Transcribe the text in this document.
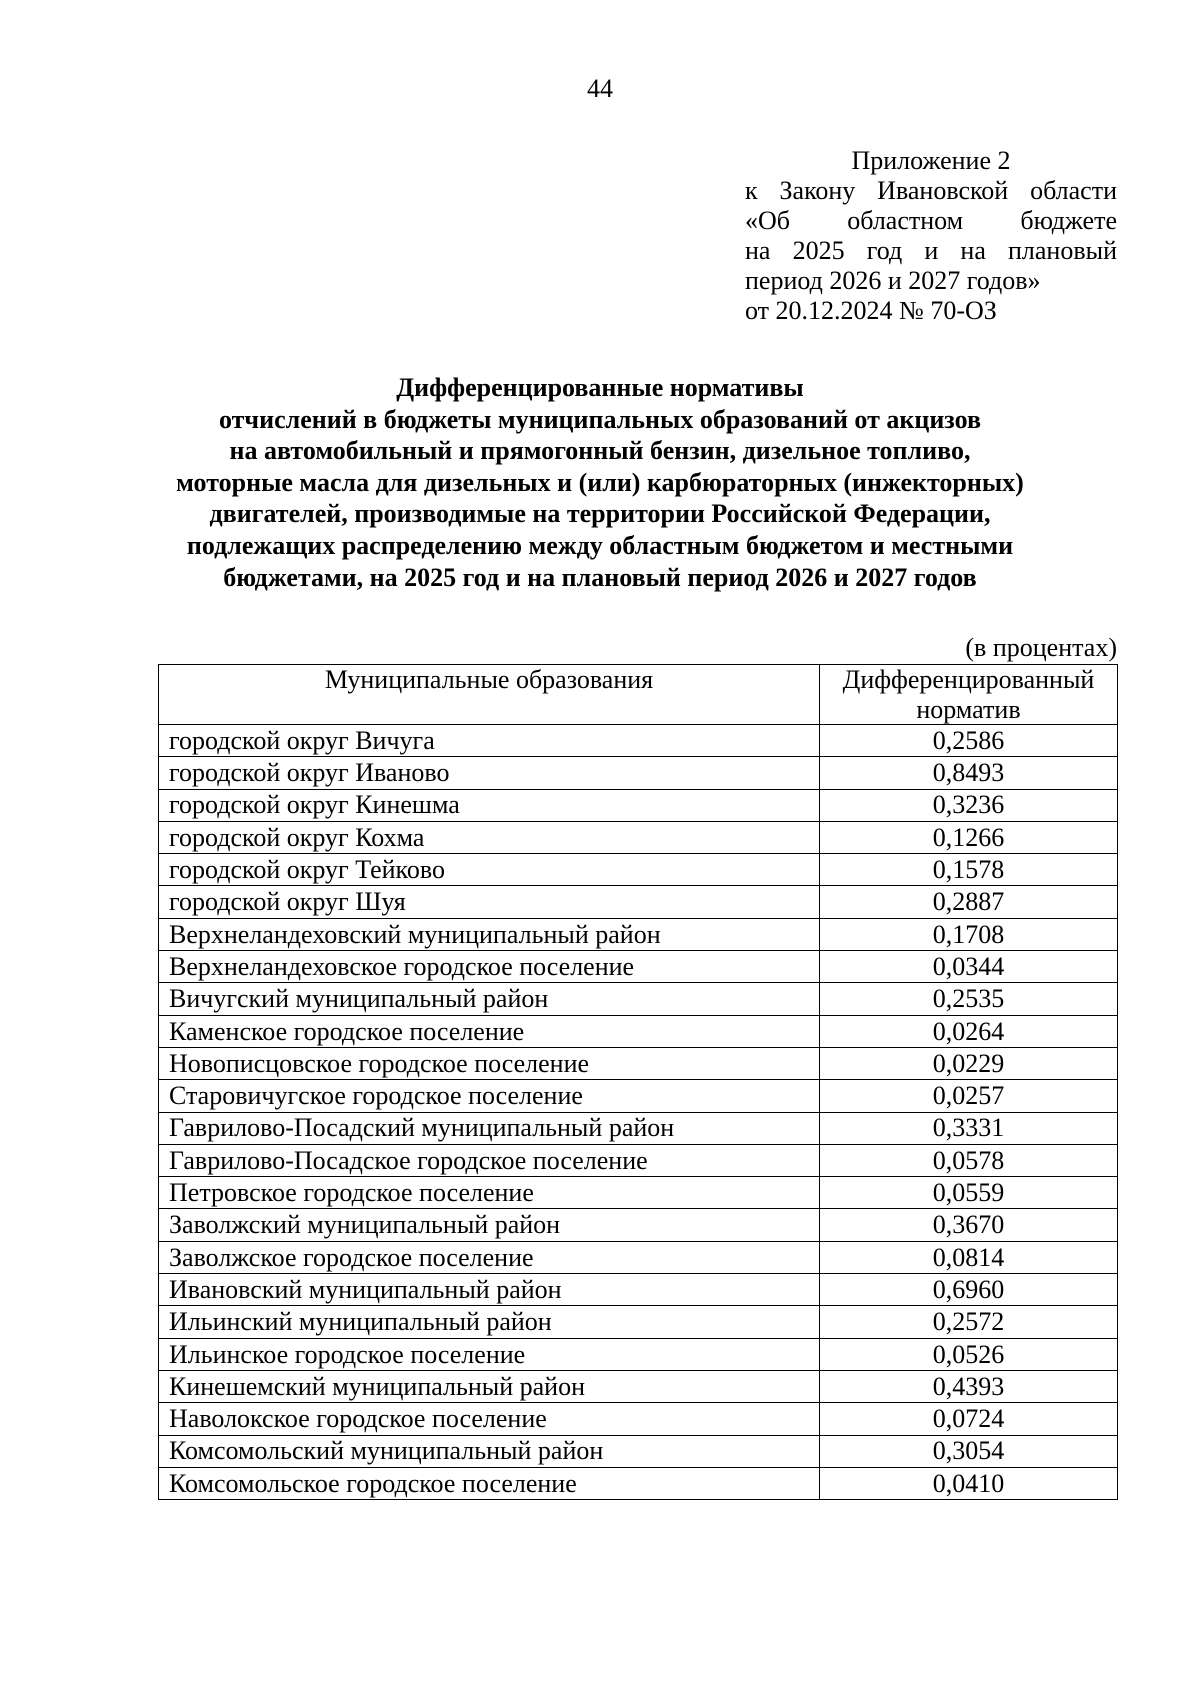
44
Приложение 2
к Закону Ивановской области
«Об областном бюджете
на 2025 год и на плановый
период 2026 и 2027 годов»
от 20.12.2024 № 70-ОЗ
Дифференцированные нормативы
отчислений в бюджеты муниципальных образований от акцизов
на автомобильный и прямогонный бензин, дизельное топливо,
моторные масла для дизельных и (или) карбюраторных (инжекторных)
двигателей, производимые на территории Российской Федерации,
подлежащих распределению между областным бюджетом и местными
бюджетами, на 2025 год и на плановый период 2026 и 2027 годов
(в процентах)
Муниципальные образования	Дифференцированный
норматив
городской округ Вичуга	0,2586
городской округ Иваново	0,8493
городской округ Кинешма	0,3236
городской округ Кохма	0,1266
городской округ Тейково	0,1578
городской округ Шуя	0,2887
Верхнеландеховский муниципальный район	0,1708
Верхнеландеховское городское поселение	0,0344
Вичугский муниципальный район	0,2535
Каменское городское поселение	0,0264
Новописцовское городское поселение	0,0229
Старовичугское городское поселение	0,0257
Гаврилово-Посадский муниципальный район	0,3331
Гаврилово-Посадское городское поселение	0,0578
Петровское городское поселение	0,0559
Заволжский муниципальный район	0,3670
Заволжское городское поселение	0,0814
Ивановский муниципальный район	0,6960
Ильинский муниципальный район	0,2572
Ильинское городское поселение	0,0526
Кинешемский муниципальный район	0,4393
Наволокское городское поселение	0,0724
Комсомольский муниципальный район	0,3054
Комсомольское городское поселение	0,0410
